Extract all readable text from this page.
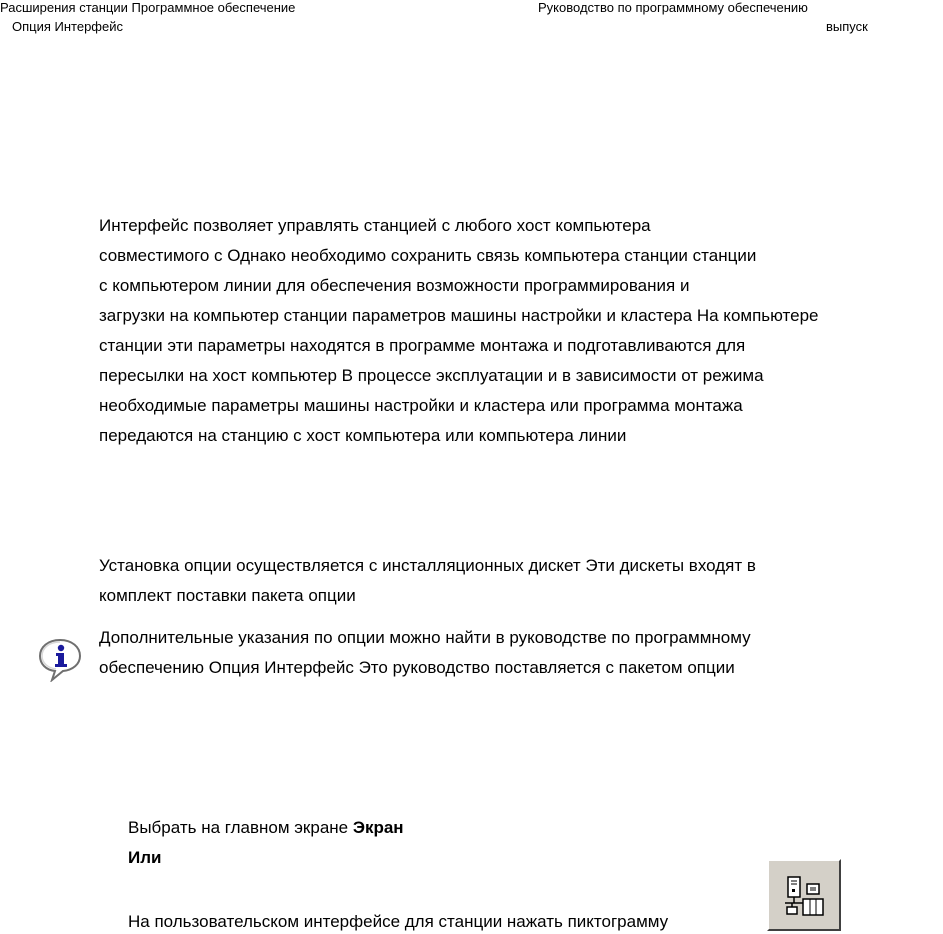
Расширения станции Программное обеспечение
Опция Интерфейс
Руководство по программному обеспечению
выпуск
Интерфейс позволяет управлять станцией с любого хост компьютера
совместимого с Однако необходимо сохранить связь компьютера станции станции
с компьютером линии для обеспечения возможности программирования и
загрузки на компьютер станции параметров машины настройки и кластера На компьютере
станции эти параметры находятся в программе монтажа и подготавливаются для
пересылки на хост компьютер В процессе эксплуатации и в зависимости от режима
необходимые параметры машины настройки и кластера или программа монтажа
передаются на станцию с хост компьютера или компьютера линии
Установка опции осуществляется с инсталляционных дискет Эти дискеты входят в
комплект поставки пакета опции
Дополнительные указания по опции можно найти в руководстве по программному
обеспечению Опция Интерфейс Это руководство поставляется с пакетом опции
Выбрать на главном экране Экран
Или
На пользовательском интерфейсе для станции нажать пиктограмму
